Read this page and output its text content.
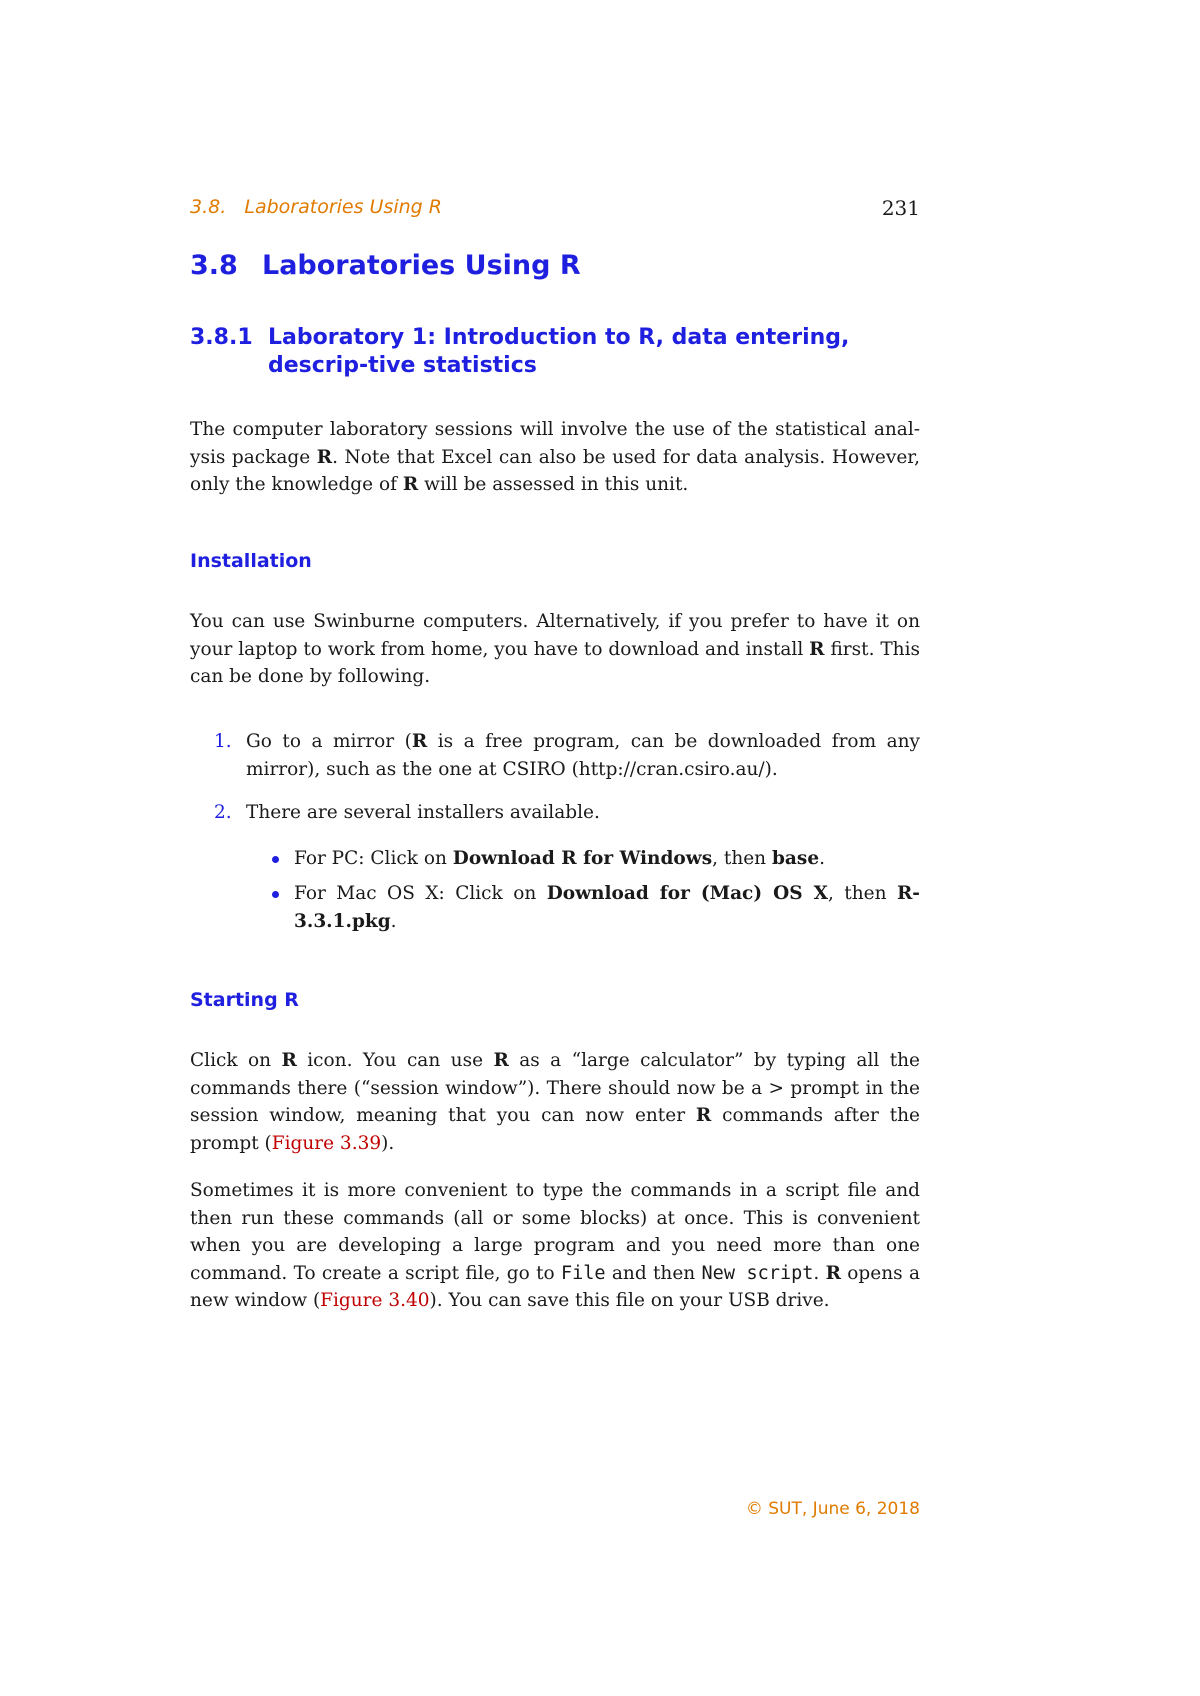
3.8. Laboratories Using R	231
3.8 Laboratories Using R
3.8.1 Laboratory 1: Introduction to R, data entering, descrip-tive statistics
The computer laboratory sessions will involve the use of the statistical anal-ysis package R. Note that Excel can also be used for data analysis. However, only the knowledge of R will be assessed in this unit.
Installation
You can use Swinburne computers. Alternatively, if you prefer to have it on your laptop to work from home, you have to download and install R first. This can be done by following.
1. Go to a mirror (R is a free program, can be downloaded from any mirror), such as the one at CSIRO (http://cran.csiro.au/).
2. There are several installers available.
For PC: Click on Download R for Windows, then base.
For Mac OS X: Click on Download for (Mac) OS X, then R-3.3.1.pkg.
Starting R
Click on R icon. You can use R as a “large calculator” by typing all the commands there (“session window”). There should now be a > prompt in the session window, meaning that you can now enter R commands after the prompt (Figure 3.39).
Sometimes it is more convenient to type the commands in a script file and then run these commands (all or some blocks) at once. This is convenient when you are developing a large program and you need more than one command. To create a script file, go to File and then New script. R opens a new window (Figure 3.40). You can save this file on your USB drive.
© SUT, June 6, 2018
